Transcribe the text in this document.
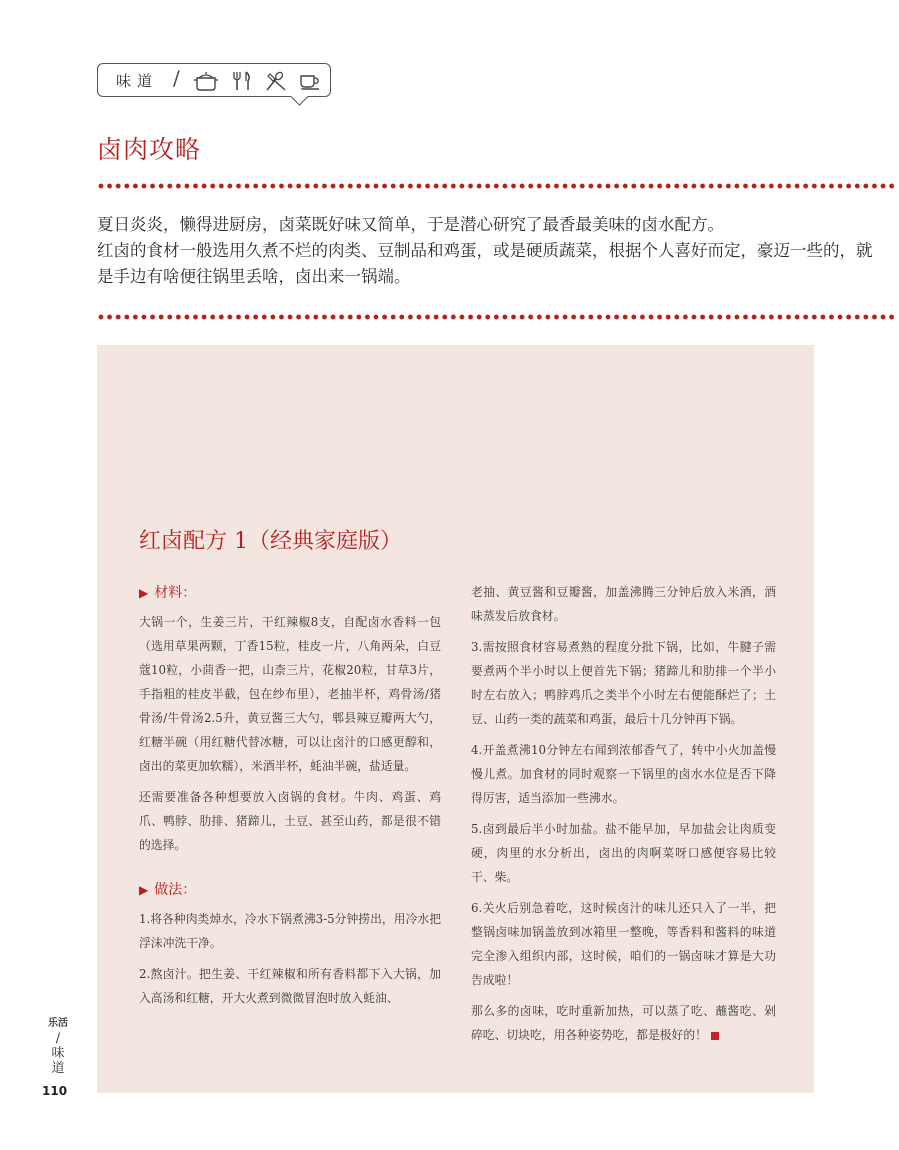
味道 /
卤肉攻略

夏日炎炎，懒得进厨房，卤菜既好味又简单，于是潜心研究了最香最美味的卤水配方。

红卤的食材一般选用久煮不烂的肉类、豆制品和鸡蛋，或是硬质蔬菜，根据个人喜好而定，豪迈一些的，就是手边有啥便往锅里丢啥，卤出来一锅端。

红卤配方 1（经典家庭版）
▶ 材料：

大锅一个，生姜三片，干红辣椒8支，自配卤水香料一包（选用草果两颗，丁香15粒，桂皮一片，八角两朵，白豆蔻10粒，小茴香一把，山柰三片，花椒20粒，甘草3片，手指粗的桂皮半截，包在纱布里），老抽半杯，鸡骨汤/猪骨汤/牛骨汤2.5升，黄豆酱三大勺，郫县辣豆瓣两大勺，红糖半碗（用红糖代替冰糖，可以让卤汁的口感更醇和，卤出的菜更加软糯），米酒半杯，蚝油半碗，盐适量。

还需要准备各种想要放入卤锅的食材。牛肉、鸡蛋、鸡爪、鸭脖、肋排、猪蹄儿，土豆、甚至山药，都是很不错的选择。

▶ 做法：

1.将各种肉类焯水，冷水下锅煮沸3-5分钟捞出，用冷水把浮沫冲洗干净。

2.熬卤汁。把生姜、干红辣椒和所有香料都下入大锅，加入高汤和红糖，开大火煮到微微冒泡时放入蚝油、

老抽、黄豆酱和豆瓣酱，加盖沸腾三分钟后放入米酒，酒味蒸发后放食材。

3.需按照食材容易煮熟的程度分批下锅，比如，牛腱子需要煮两个半小时以上便首先下锅；猪蹄儿和肋排一个半小时左右放入；鸭脖鸡爪之类半个小时左右便能酥烂了；土豆、山药一类的蔬菜和鸡蛋，最后十几分钟再下锅。

4.开盖煮沸10分钟左右闻到浓郁香气了，转中小火加盖慢慢儿煮。加食材的同时观察一下锅里的卤水水位是否下降得厉害，适当添加一些沸水。

5.卤到最后半小时加盐。盐不能早加，早加盐会让肉质变硬，肉里的水分析出，卤出的肉啊菜呀口感便容易比较干、柴。

6.关火后别急着吃，这时候卤汁的味儿还只入了一半，把整锅卤味加锅盖放到冰箱里一整晚，等香料和酱料的味道完全渗入组织内部，这时候，咱们的一锅卤味才算是大功告成啦！

那么多的卤味，吃时重新加热，可以蒸了吃、蘸酱吃、剁碎吃、切块吃，用各种姿势吃，都是极好的！

乐活
/
味道
110
